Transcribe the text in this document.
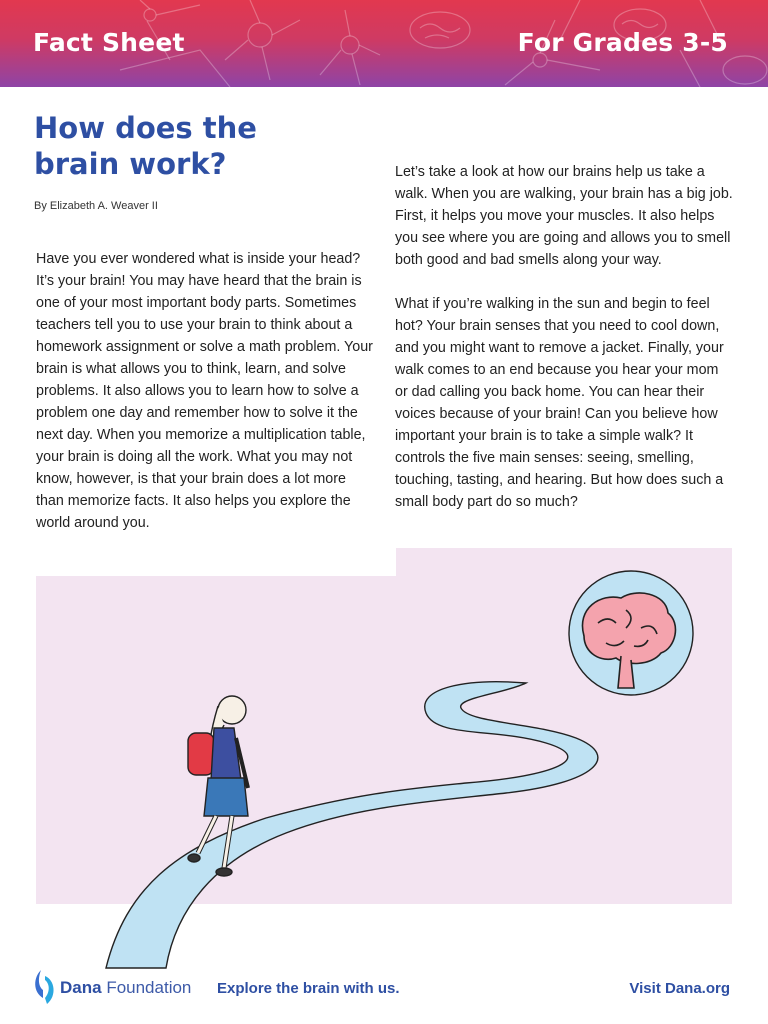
Fact Sheet	For Grades 3-5
How does the
brain work?
By Elizabeth A. Weaver II

Have you ever wondered what is inside your head? It’s your brain! You may have heard that the brain is one of your most important body parts. Sometimes teachers tell you to use your brain to think about a homework assignment or solve a math problem. Your brain is what allows you to think, learn, and solve problems. It also allows you to learn how to solve a problem one day and remember how to solve it the next day. When you memorize a multiplication table, your brain is doing all the work. What you may not know, however, is that your brain does a lot more than memorize facts. It also helps you explore the world around you.

Let’s take a look at how our brains help us take a walk. When you are walking, your brain has a big job. First, it helps you move your muscles. It also helps you see where you are going and allows you to smell both good and bad smells along your way.

What if you’re walking in the sun and begin to feel hot? Your brain senses that you need to cool down, and you might want to remove a jacket. Finally, your walk comes to an end because you hear your mom or dad calling you back home. You can hear their voices because of your brain! Can you believe how important your brain is to take a simple walk? It controls the five main senses: seeing, smelling, touching, tasting, and hearing. But how does such a small body part do so much?

Dana Foundation Explore the brain with us.	Visit Dana.org
